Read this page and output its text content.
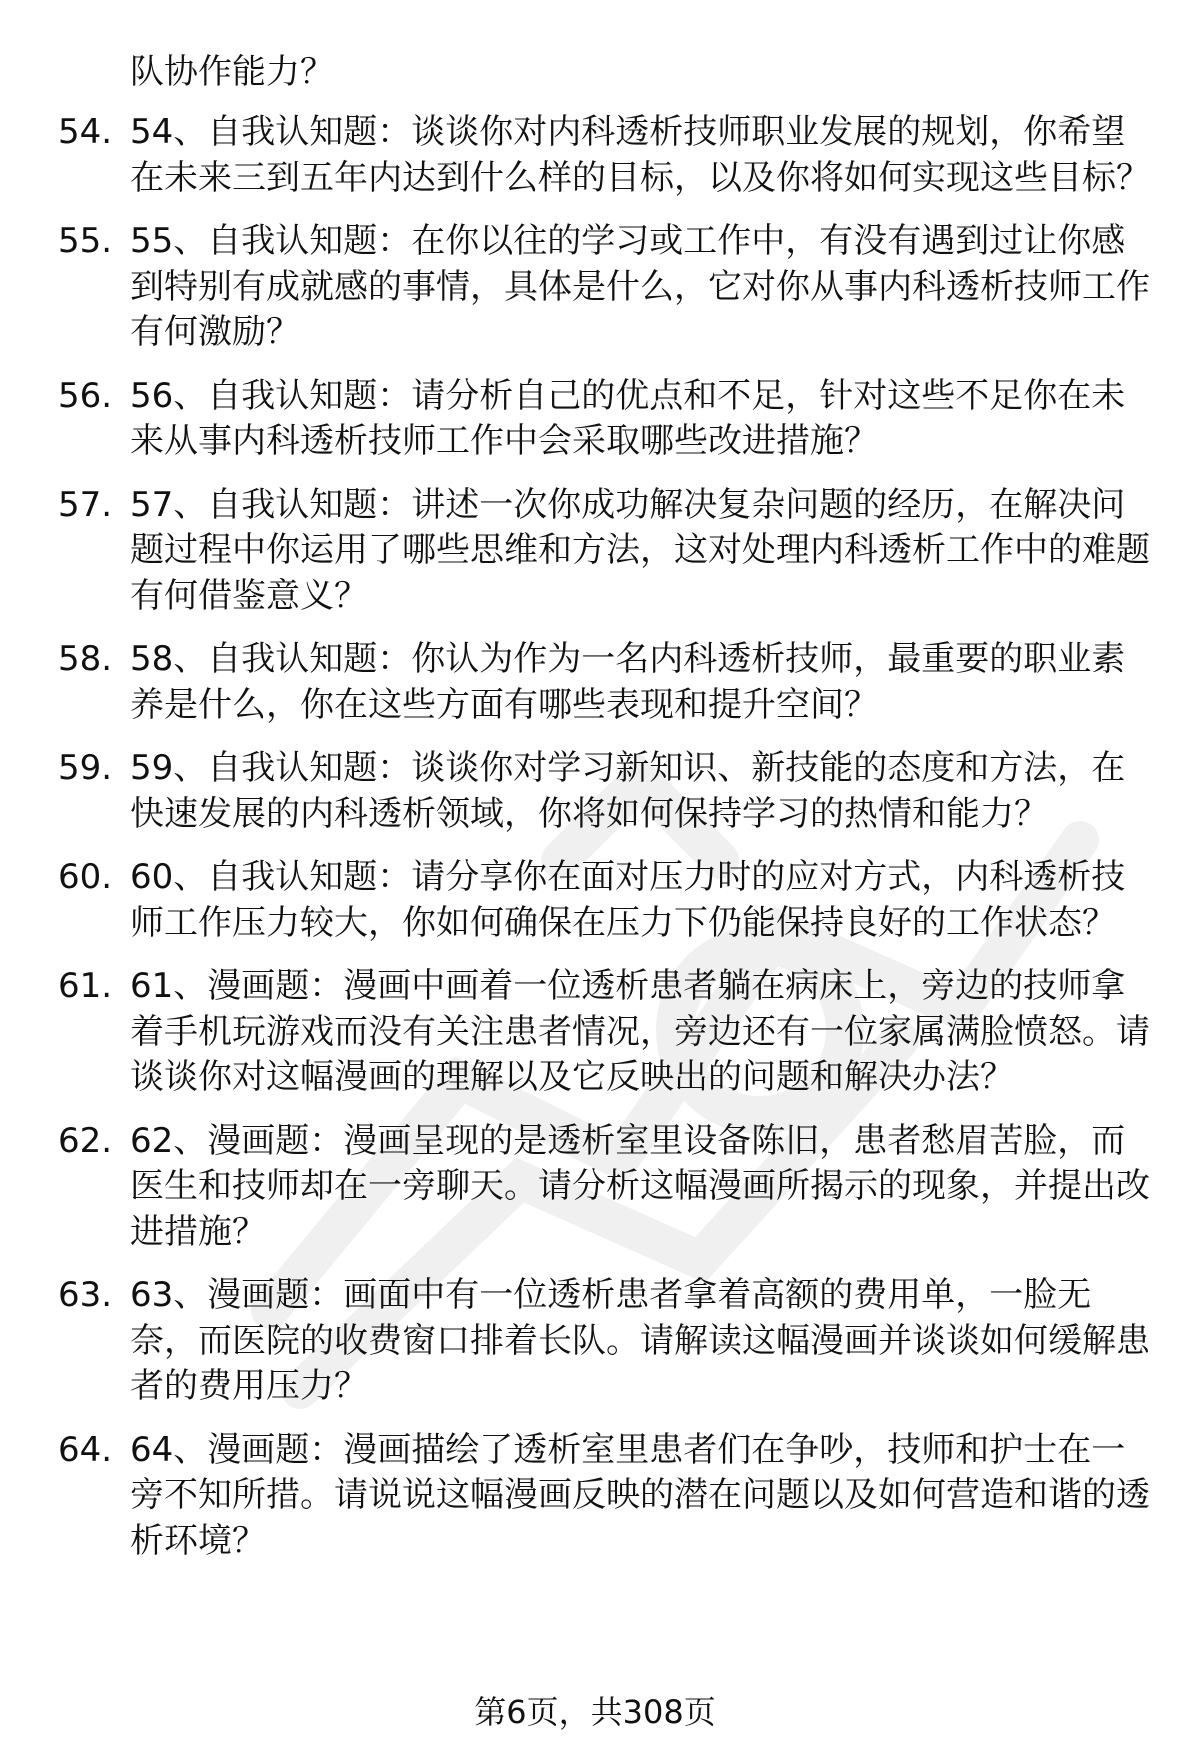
队协作能力？

54. 54、自我认知题：谈谈你对内科透析技师职业发展的规划，你希望在未来三到五年内达到什么样的目标，以及你将如何实现这些目标？
55. 55、自我认知题：在你以往的学习或工作中，有没有遇到过让你感到特别有成就感的事情，具体是什么，它对你从事内科透析技师工作有何激励？
56. 56、自我认知题：请分析自己的优点和不足，针对这些不足你在未来从事内科透析技师工作中会采取哪些改进措施？
57. 57、自我认知题：讲述一次你成功解决复杂问题的经历，在解决问题过程中你运用了哪些思维和方法，这对处理内科透析工作中的难题有何借鉴意义？
58. 58、自我认知题：你认为作为一名内科透析技师，最重要的职业素养是什么，你在这些方面有哪些表现和提升空间？
59. 59、自我认知题：谈谈你对学习新知识、新技能的态度和方法，在快速发展的内科透析领域，你将如何保持学习的热情和能力？
60. 60、自我认知题：请分享你在面对压力时的应对方式，内科透析技师工作压力较大，你如何确保在压力下仍能保持良好的工作状态？
61. 61、漫画题：漫画中画着一位透析患者躺在病床上，旁边的技师拿着手机玩游戏而没有关注患者情况，旁边还有一位家属满脸愤怒。请谈谈你对这幅漫画的理解以及它反映出的问题和解决办法？
62. 62、漫画题：漫画呈现的是透析室里设备陈旧，患者愁眉苦脸，而医生和技师却在一旁聊天。请分析这幅漫画所揭示的现象，并提出改进措施？
63. 63、漫画题：画面中有一位透析患者拿着高额的费用单，一脸无奈，而医院的收费窗口排着长队。请解读这幅漫画并谈谈如何缓解患者的费用压力？
64. 64、漫画题：漫画描绘了透析室里患者们在争吵，技师和护士在一旁不知所措。请说说这幅漫画反映的潜在问题以及如何营造和谐的透析环境？
第6页，共308页
